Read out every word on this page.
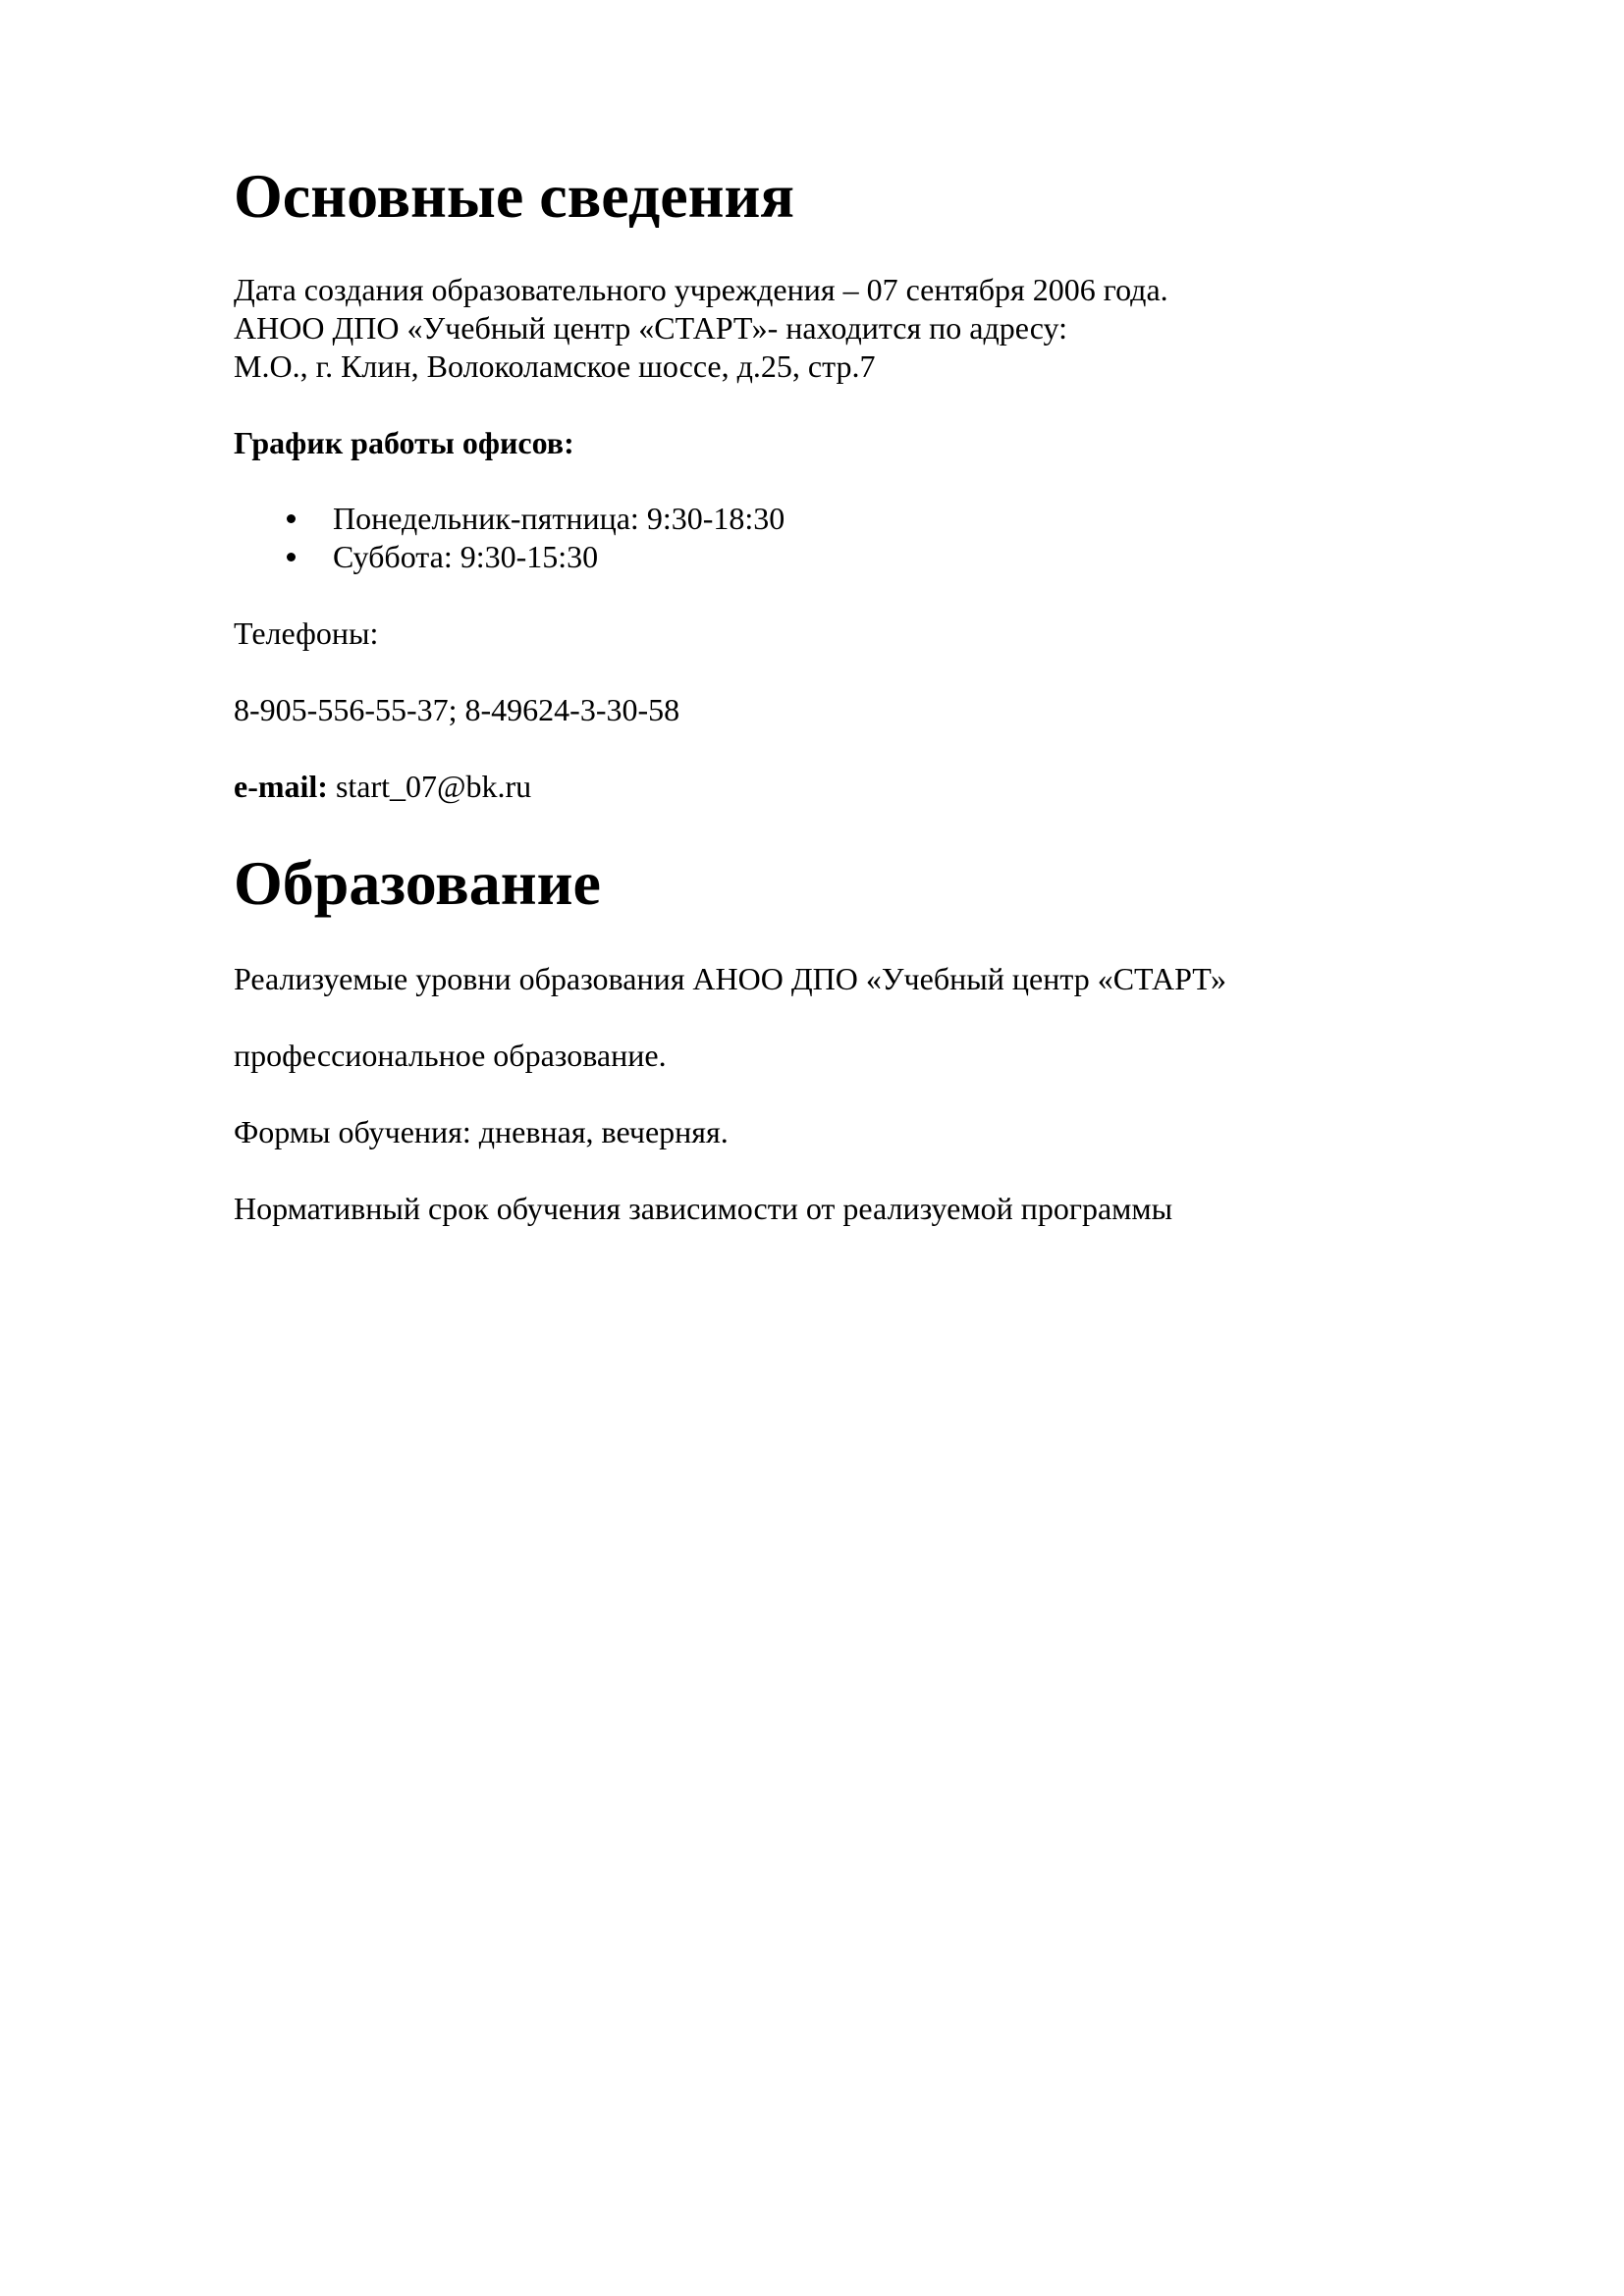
Основные сведения
Дата создания образовательного учреждения – 07 сентября 2006 года.
АНОО ДПО «Учебный центр «СТАРТ»- находится по адресу:
М.О., г. Клин, Волоколамское шоссе, д.25, стр.7
График работы офисов:
Понедельник-пятница: 9:30-18:30
Суббота: 9:30-15:30
Телефоны:
8-905-556-55-37; 8-49624-3-30-58
e-mail: start_07@bk.ru
Образование
Реализуемые уровни образования АНОО ДПО «Учебный центр «СТАРТ»
профессиональное образование.
Формы обучения: дневная, вечерняя.
Нормативный срок обучения зависимости от реализуемой программы
